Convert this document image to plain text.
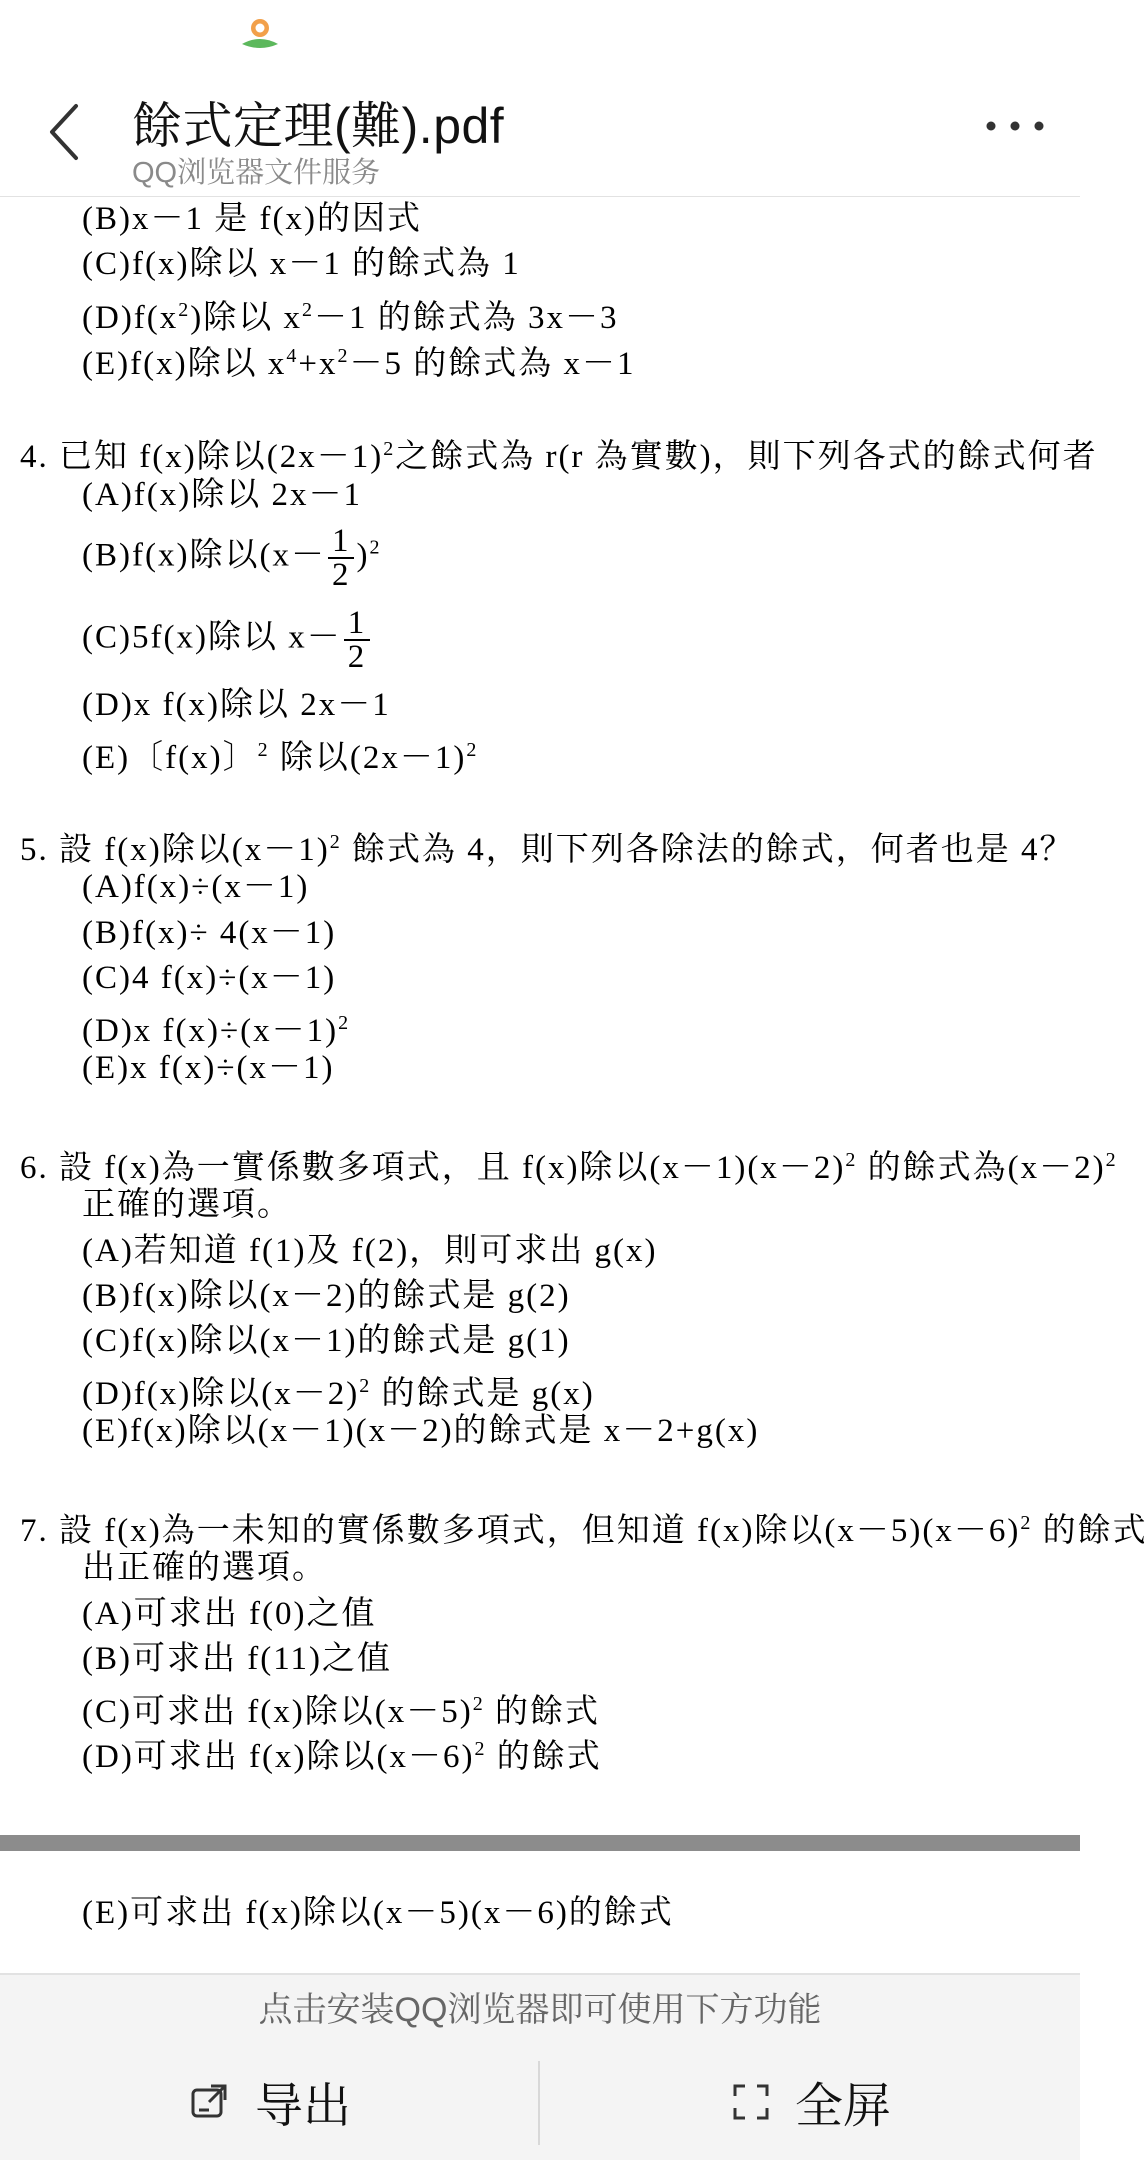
餘式定理(難).pdf
QQ浏览器文件服务
(B)x－1 是 f(x)的因式
(C)f(x)除以 x－1 的餘式為 1
$(D)f(x^2)$除以 $x^2-1$ 的餘式為 3x－3
(E)f(x)除以 $x^4+x^2-5$ 的餘式為 x－1
4. 已知 f(x)除以$(2x-1)^2$之餘式為 r(r 為實數)，則下列各式的餘式何者
(A)f(x)除以 2x－1
(B)f(x)除以$(x- \frac{1}{2} )^2$
(C)5f(x)除以 $x- \frac{1}{2}$
(D)x f(x)除以 2x－1
(E)〔f(x)〕$^2$ 除以$(2x-1)^2$
5. 設 f(x)除以$(x-1)^2$ 餘式為 4，則下列各除法的餘式，何者也是 4？
(A)f(x)÷(x－1)
(B)f(x)÷ 4(x－1)
(C)4 f(x)÷(x－1)
(D)x $f(x)\div(x-1)^2$
(E)x f(x)÷(x－1)
6. 設 f(x)為一實係數多項式，且 f(x)除以$(x-1)(x-2)^2$ 的餘式為$(x-2)^2$
正確的選項。
(A)若知道 f(1)及 f(2)，則可求出 g(x)
(B)f(x)除以(x－2)的餘式是 g(2)
(C)f(x)除以(x－1)的餘式是 g(1)
(D)f(x)除以$(x-2)^2$ 的餘式是 g(x)
(E)f(x)除以(x－1)(x－2)的餘式是 x－2+g(x)
7. 設 f(x)為一未知的實係數多項式，但知道 f(x)除以$(x-5)(x-6)^2$ 的餘式
出正確的選項。
(A)可求出 f(0)之值
(B)可求出 f(11)之值
(C)可求出 f(x)除以$(x-5)^2$ 的餘式
(D)可求出 f(x)除以$(x-6)^2$ 的餘式
(E)可求出 f(x)除以(x－5)(x－6)的餘式
点击安装QQ浏览器即可使用下方功能
导出	全屏
